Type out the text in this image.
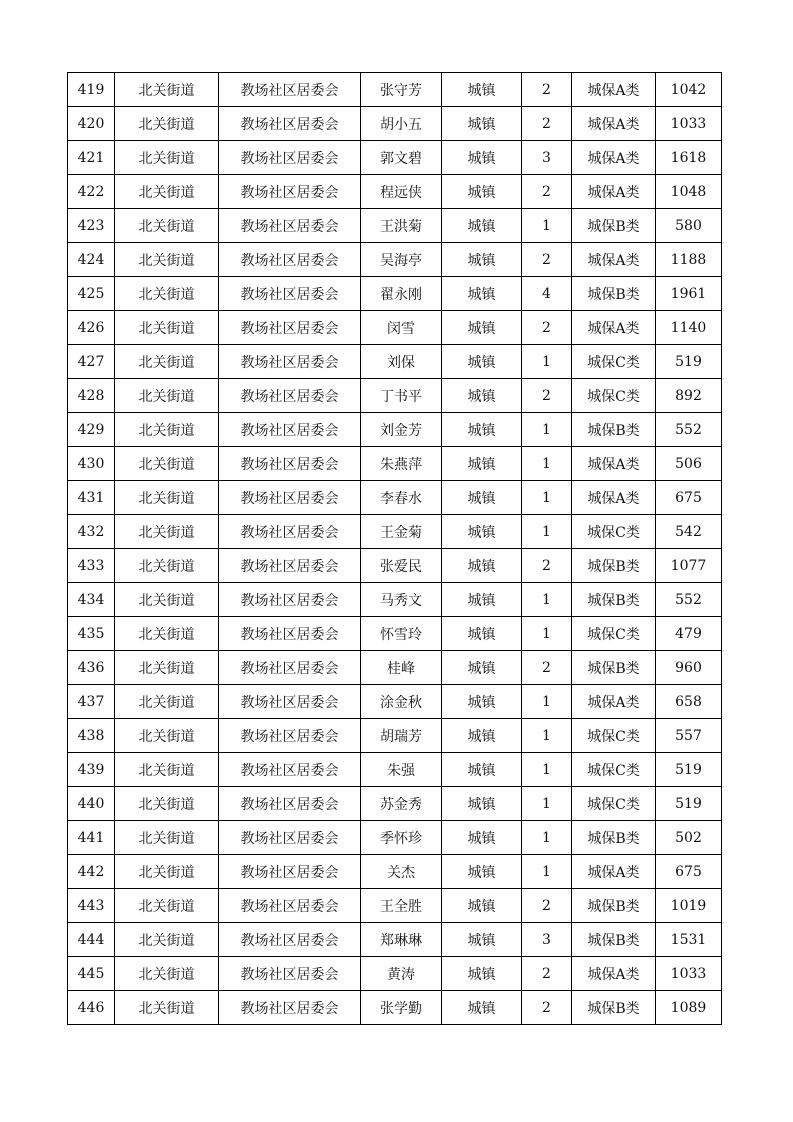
419	北关街道	教场社区居委会	张守芳	城镇	2	城保A类	1042
420	北关街道	教场社区居委会	胡小五	城镇	2	城保A类	1033
421	北关街道	教场社区居委会	郭文碧	城镇	3	城保A类	1618
422	北关街道	教场社区居委会	程远侠	城镇	2	城保A类	1048
423	北关街道	教场社区居委会	王洪菊	城镇	1	城保B类	580
424	北关街道	教场社区居委会	吴海亭	城镇	2	城保A类	1188
425	北关街道	教场社区居委会	翟永刚	城镇	4	城保B类	1961
426	北关街道	教场社区居委会	闵雪	城镇	2	城保A类	1140
427	北关街道	教场社区居委会	刘保	城镇	1	城保C类	519
428	北关街道	教场社区居委会	丁书平	城镇	2	城保C类	892
429	北关街道	教场社区居委会	刘金芳	城镇	1	城保B类	552
430	北关街道	教场社区居委会	朱燕萍	城镇	1	城保A类	506
431	北关街道	教场社区居委会	李春水	城镇	1	城保A类	675
432	北关街道	教场社区居委会	王金菊	城镇	1	城保C类	542
433	北关街道	教场社区居委会	张爱民	城镇	2	城保B类	1077
434	北关街道	教场社区居委会	马秀文	城镇	1	城保B类	552
435	北关街道	教场社区居委会	怀雪玲	城镇	1	城保C类	479
436	北关街道	教场社区居委会	桂峰	城镇	2	城保B类	960
437	北关街道	教场社区居委会	涂金秋	城镇	1	城保A类	658
438	北关街道	教场社区居委会	胡瑞芳	城镇	1	城保C类	557
439	北关街道	教场社区居委会	朱强	城镇	1	城保C类	519
440	北关街道	教场社区居委会	苏金秀	城镇	1	城保C类	519
441	北关街道	教场社区居委会	季怀珍	城镇	1	城保B类	502
442	北关街道	教场社区居委会	关杰	城镇	1	城保A类	675
443	北关街道	教场社区居委会	王全胜	城镇	2	城保B类	1019
444	北关街道	教场社区居委会	郑琳琳	城镇	3	城保B类	1531
445	北关街道	教场社区居委会	黄涛	城镇	2	城保A类	1033
446	北关街道	教场社区居委会	张学勤	城镇	2	城保B类	1089
